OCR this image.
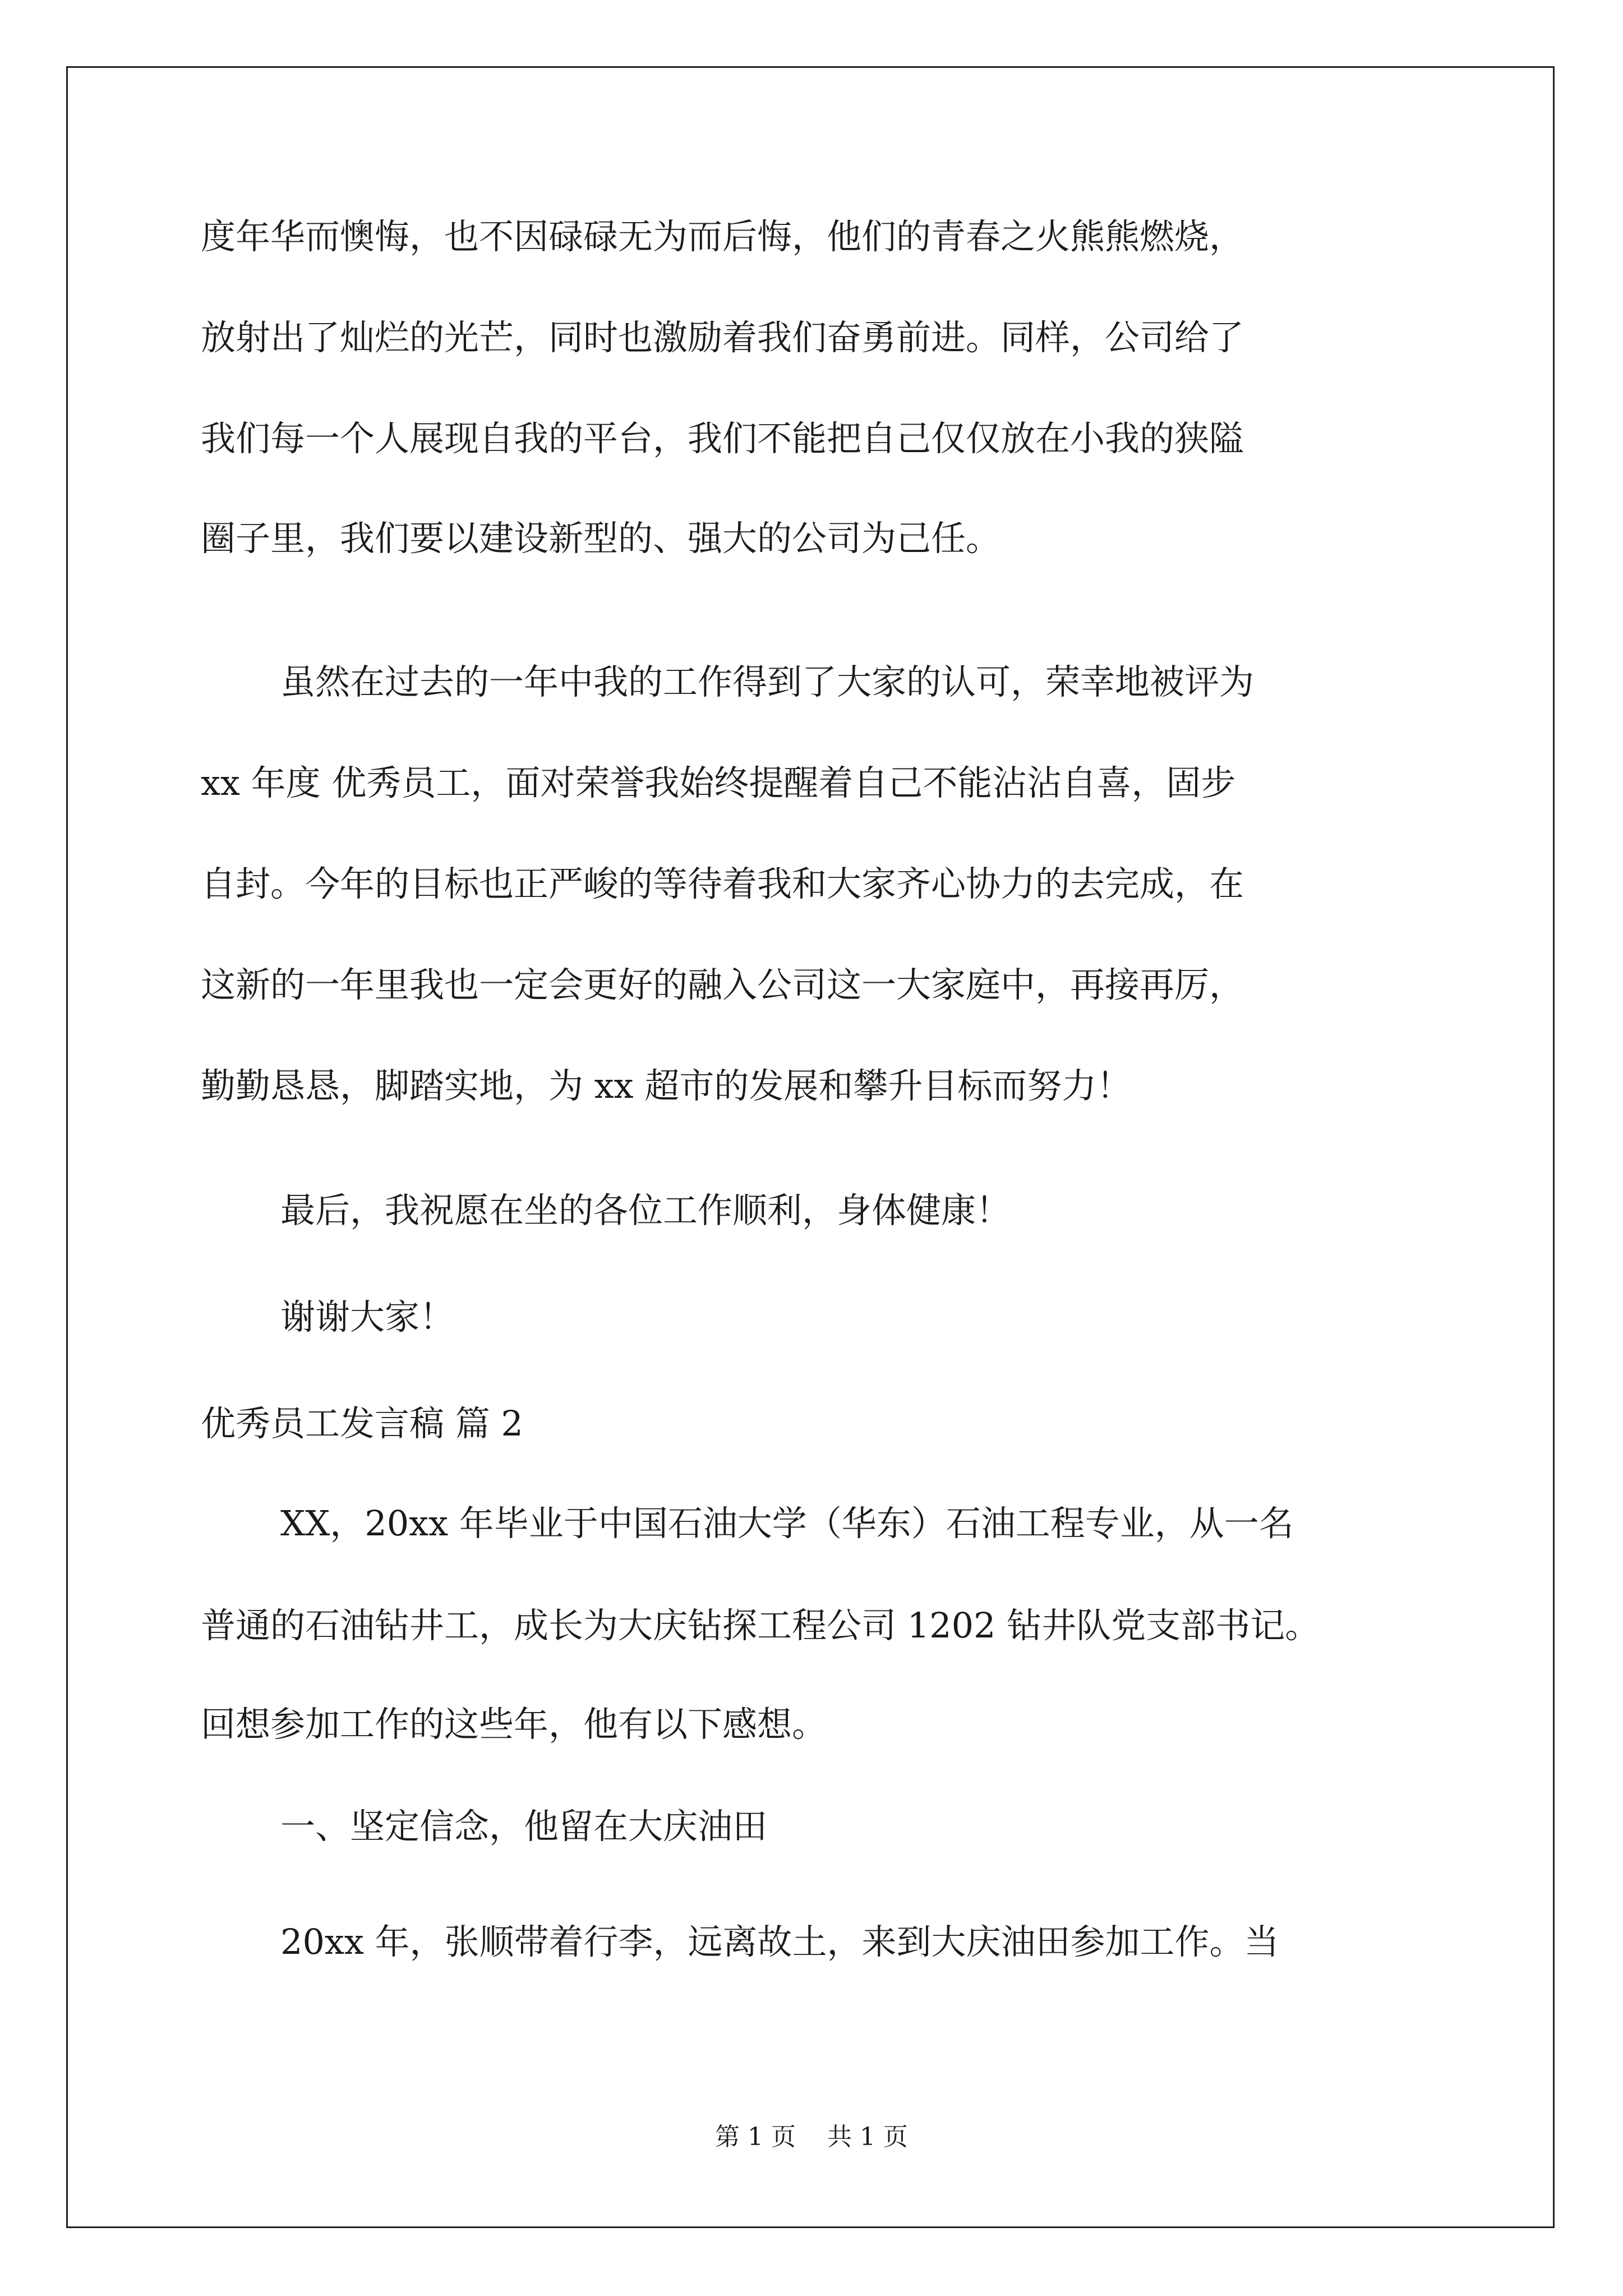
度年华而懊悔，也不因碌碌无为而后悔，他们的青春之火熊熊燃烧，
放射出了灿烂的光芒，同时也激励着我们奋勇前进。同样，公司给了
我们每一个人展现自我的平台，我们不能把自己仅仅放在小我的狭隘
圈子里，我们要以建设新型的、强大的公司为己任。
虽然在过去的一年中我的工作得到了大家的认可，荣幸地被评为
xx 年度 优秀员工，面对荣誉我始终提醒着自己不能沾沾自喜，固步
自封。今年的目标也正严峻的等待着我和大家齐心协力的去完成，在
这新的一年里我也一定会更好的融入公司这一大家庭中，再接再厉，
勤勤恳恳，脚踏实地，为 xx 超市的发展和攀升目标而努力！
最后，我祝愿在坐的各位工作顺利，身体健康！
谢谢大家！
优秀员工发言稿 篇 2
XX，20xx 年毕业于中国石油大学（华东）石油工程专业，从一名
普通的石油钻井工，成长为大庆钻探工程公司 1202 钻井队党支部书记。
回想参加工作的这些年，他有以下感想。
一、坚定信念，他留在大庆油田
20xx 年，张顺带着行李，远离故土，来到大庆油田参加工作。当
第 1 页    共 1 页
